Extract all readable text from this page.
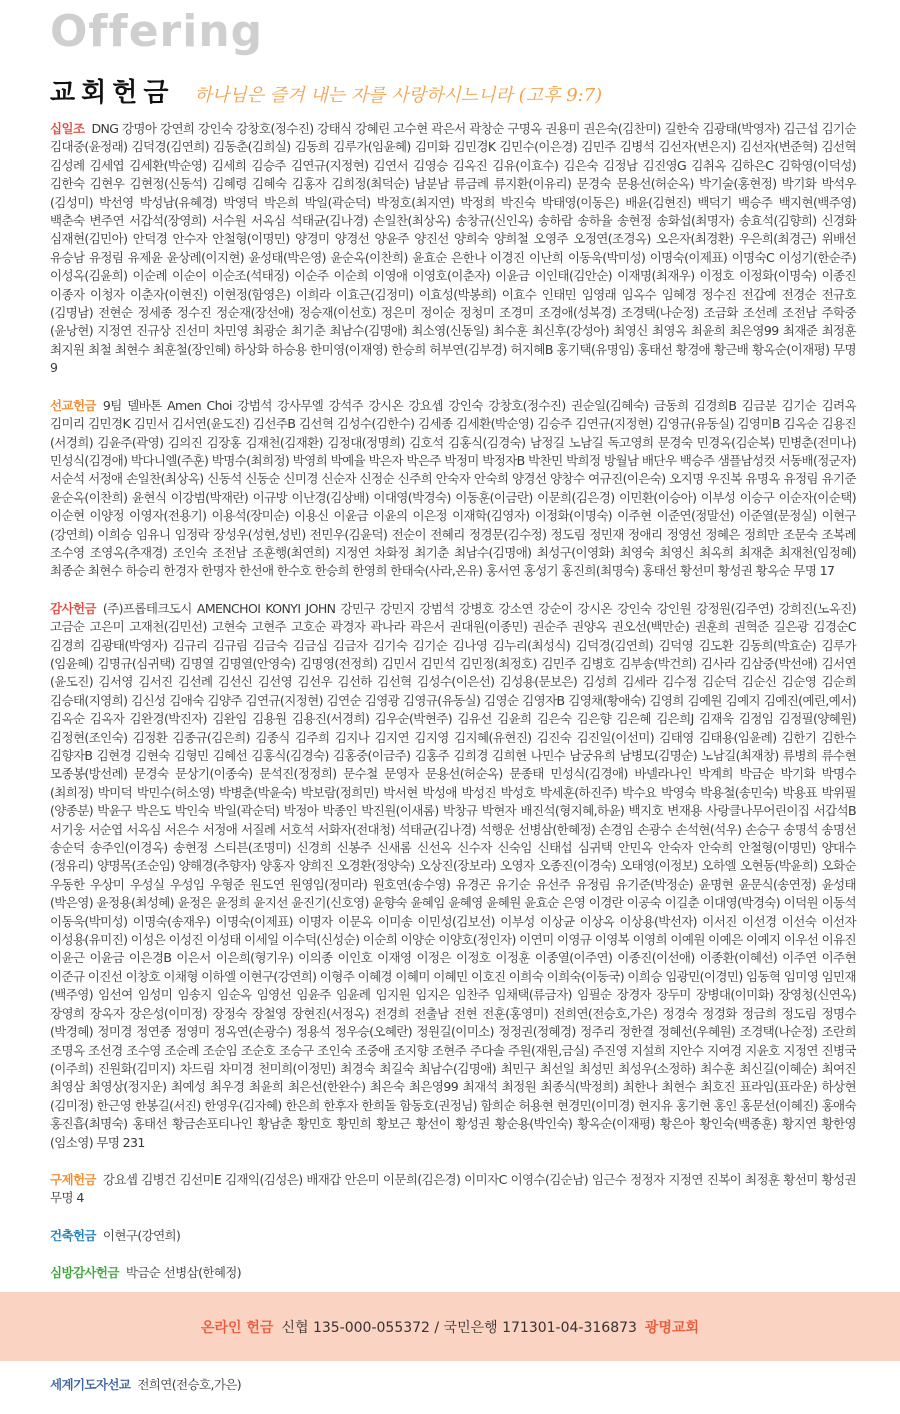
Offering
교회헌금 하나님은 즐겨 내는 자를 사랑하시느니라 (고후 9:7)

십일조 DNG 강명아 강연희 강인숙 강창호(정수진) 강태식 강혜린 고수현 곽은서 곽창순 구명옥 권용미 권은숙(김찬미) 길한숙 김광태(박영자) 김근섭 김기순 김대중(윤정래) 김덕경(김연희) 김동춘(김희실) 김동희 김루가(임윤혜) 김미화 김민경K 김민수(이은경) 김민주 김병석 김선자(변은지) 김선자(변준혁) 김선혁 김성례 김세엽 김세환(박순영) 김세희 김승주 김연규(지정현) 김연서 김영승 김옥진 김유(이효수) 김은숙 김정남 김진영G 김취옥 김하은C 김학영(이덕성) 김한숙 김현우 김현정(신동석) 김혜령 김혜숙 김홍자 김희정(최덕순) 남분남 류금례 류지환(이유리) 문경숙 문용선(허순옥) 박기술(홍현정) 박기화 박석우(김성미) 박선영 박성남(유혜경) 박영덕 박은희 박일(곽순덕) 박정호(최지연) 박정희 박진숙 박태영(이동은) 배윤(김현진) 백덕기 백승주 백지현(백주영) 백춘숙 변주연 서갑석(장영희) 서수원 서옥심 석태균(김나경) 손일찬(최상옥) 송창규(신인옥) 송하람 송하율 송현정 송화섭(최명자) 송효석(김향희) 신경화 심재현(김민아) 안덕경 안수자 안철형(이명민) 양경미 양경선 양윤주 양진선 양희숙 양희철 오영주 오정연(조경옥) 오은자(최경환) 우은희(최경근) 위배선 유승남 유정림 유제윤 윤상례(이지현) 윤성태(박은영) 윤순옥(이찬희) 윤효순 은한나 이경진 이난희 이동욱(박미성) 이명숙(이제표) 이명숙C 이성기(한순주) 이성옥(김윤희) 이순례 이순이 이순조(석태징) 이순주 이순희 이영애 이영호(이춘자) 이윤금 이인태(김안순) 이재명(최재우) 이정호 이정화(이명숙) 이종진 이종자 이청자 이춘자(이현진) 이현정(함영은) 이희라 이효근(김정미) 이효성(박봉희) 이효수 인태민 임영래 임옥수 임혜경 정수진 전갑예 전경순 전규호(김명남) 전현순 정세종 정수진 정순재(장선애) 정승재(이선호) 정은미 정이순 정청미 조경미 조경애(성복경) 조경택(나순정) 조금화 조선례 조전남 주학중(윤낭현) 지정연 진규상 진선미 차민영 최광순 최기춘 최남수(김명애) 최소영(신동일) 최수훈 최신후(강성아) 최영신 최영옥 최윤희 최은영99 최재준 최정훈 최지원 최철 최현수 최훈철(장인혜) 하상화 하승용 한미영(이재영) 한승희 허부연(김부경) 허지혜B 홍기택(유명임) 홍태선 황경애 황근배 황옥순(이재평) 무명 9

선교헌금 9팀 델바톤 Amen Choi 강범석 강사무엘 강석주 강시온 강요셉 강인숙 강창호(정수진) 권순일(김혜숙) 금동희 김경희B 김금분 김기순 김려옥 김미리 김민경K 김민서 김서연(윤도진) 김선주B 김선혁 김성수(김한수) 김세종 김세환(박순영) 김승주 김연규(지정현) 김영규(유동실) 김영미B 김옥순 김용진(서경희) 김윤주(곽영) 김의진 김장홍 김재천(김재환) 김정대(정명희) 김호석 김홍식(김경숙) 남정길 노남길 독고영희 문경숙 민경옥(김순복) 민병춘(전미나) 민성식(김경애) 박다니엘(주훈) 박명수(최희정) 박영희 박예율 박은자 박은주 박정미 박정자B 박찬민 박희정 방월남 배단우 백승주 샘플남성컷 서동배(정군자) 서순석 서정애 손일찬(최상옥) 신동석 신동순 신미경 신순자 신정순 신주희 안숙자 안숙희 양경선 양창수 여규진(이은숙) 오지명 우진복 유명옥 유정림 유기준 윤순옥(이찬희) 윤현식 이강범(박재란) 이규방 이난경(김상배) 이대영(박경숙) 이동훈(이금란) 이문희(김은경) 이민환(이승아) 이부성 이승구 이순자(이순택) 이순현 이양정 이영자(전용기) 이용석(장미순) 이용신 이윤금 이윤의 이은정 이재학(김영자) 이정화(이명숙) 이주현 이준연(정말선) 이준열(문정실) 이현구(강연희) 이희승 임유니 임정락 장성우(성현,성빈) 전민우(김윤덕) 전순이 전혜리 정경문(김수정) 정도림 정민재 정애리 정영선 정혜은 정희만 조문숙 조복례 조수영 조영옥(추재경) 조인숙 조전남 조훈행(최연희) 지정연 차화정 최기춘 최남수(김명애) 최성구(이영화) 최영숙 최영신 최옥희 최재춘 최재천(임정혜) 최종순 최현수 하승리 한경자 한명자 한선애 한수호 한승희 한영희 한태숙(사라,온유) 홍서연 홍성기 홍진희(최명숙) 홍태선 황선미 황성권 황옥순 무명 17

감사헌금 (주)프롭테크도시 AMENCHOI KONYI JOHN 강민구 강민지 강범석 강병호 강소연 강순이 강시온 강인숙 강인원 강정원(김주연) 강희진(노옥진) 고금순 고은미 고재천(김민선) 고현숙 고현주 고호순 곽경자 곽나라 곽은서 권대원(이종민) 권순주 권양옥 권오선(백만순) 권훈희 권혁준 길은광 김경순C 김경희 김광태(박영자) 김규리 김규림 김금숙 김금심 김금자 김기숙 김기순 김나영 김누리(최성식) 김덕경(김연희) 김덕영 김도환 김동희(박효순) 김루가(임윤혜) 김명규(심귀택) 김명열 김명열(안영숙) 김명영(전정희) 김민서 김민석 김민정(최정호) 김민주 김병호 김부송(박건희) 김사라 김삼중(박선애) 김서연(윤도진) 김서영 김서진 김선례 김선신 김선영 김선우 김선하 김선혁 김성수(이은선) 김성용(문보은) 김성희 김세라 김수정 김순덕 김순신 김순영 김순희 김승태(지영희) 김신성 김애숙 김양주 김연규(지정현) 김연순 김영광 김영규(유동실) 김영순 김영자B 김영채(황애숙) 김영희 김예원 김예지 김예진(예린,예서) 김옥순 김옥자 김완경(박진자) 김완임 김용원 김용진(서경희) 김우순(박현주) 김유선 김윤희 김은숙 김은향 김은혜 김은희J 김재욱 김정임 김정필(양혜원) 김정현(조인숙) 김정환 김종규(김은희) 김종식 김주희 김지나 김지연 김지영 김지혜(유현진) 김진숙 김진일(이선미) 김태영 김태용(임윤례) 김한기 김한수 김향자B 김현경 김현숙 김형민 김혜선 김홍식(김경숙) 김홍중(이금주) 김홍주 김희경 김희현 나민수 남궁유희 남병모(김명순) 노남길(최재창) 류병희 류수현 모종봉(방선례) 문경숙 문상기(이종숙) 문석진(정정희) 문수철 문영자 문용선(허순옥) 문종태 민성식(김경애) 바넬라나인 박계희 박금순 박기화 박명수(최희정) 박미덕 박민수(허소영) 박병춘(박윤숙) 박보람(정희민) 박서현 박성애 박성진 박성호 박세훈(하진주) 박수요 박영숙 박용철(송민숙) 박용표 박위필(양종분) 박윤구 박은도 박인숙 박일(곽순덕) 박정아 박종인 박진원(이새롬) 박창규 박현자 배진석(형지혜,하윤) 백지호 변재용 사랑클나무어린이집 서갑석B 서기웅 서순엽 서옥심 서은수 서정애 서질례 서호석 서화자(전대청) 석태균(김나경) 석행운 선병삼(한혜정) 손경임 손광수 손석현(석우) 손승구 송명석 송명선 송순덕 송주인(이경옥) 송현정 스티븐(조명미) 신경희 신봉주 신새롬 신선옥 신수자 신숙임 신태섭 심귀택 안민옥 안숙자 안숙희 안철형(이명민) 양대수(정유리) 양명목(조순임) 양해경(추향자) 양홍자 양희진 오경환(정양숙) 오상진(장보라) 오영자 오종진(이경숙) 오태영(이정보) 오하엘 오현동(박윤희) 오화순 우동한 우상미 우성실 우성임 우형준 원도연 원영임(정미라) 원호연(송수영) 유경곤 유기순 유선주 유정림 유기준(박정순) 윤명현 윤문식(송연정) 윤성태(박은영) 윤정용(최성혜) 윤정은 윤정희 윤지선 윤진기(신호영) 윤향숙 윤혜임 윤혜영 윤혜원 윤효순 은영 이경란 이공숙 이길춘 이대영(박경숙) 이덕원 이동석 이동욱(박미성) 이명숙(송재우) 이명숙(이제표) 이명자 이문옥 이미송 이민성(김보선) 이부성 이상균 이상옥 이상용(박선자) 이서진 이선경 이선숙 이선자 이성용(유미진) 이성은 이성진 이성태 이세일 이수덕(신성순) 이순희 이양순 이양호(정인자) 이연미 이영규 이영복 이영희 이예원 이예은 이예지 이우선 이유진 이윤근 이윤금 이은경B 이은서 이은희(형기우) 이의종 이인호 이재영 이정은 이정호 이정훈 이종열(이주연) 이종진(이선애) 이종환(이혜선) 이주연 이주현 이준규 이진선 이창호 이채형 이하엘 이현구(강연희) 이형주 이혜경 이혜미 이혜민 이호진 이희숙 이희숙(이동국) 이희승 임광민(이경민) 임동혁 임미영 임민재(백주영) 임선여 임성미 임송지 임순옥 임영선 임윤주 임윤례 임지원 임지은 임찬주 임채택(류금자) 임필순 장경자 장두미 장병대(이미화) 장영청(신연옥) 장영희 장옥자 장은성(이미정) 장정숙 장철영 장현진(서정옥) 전경희 전출남 전현 전훈(홍영미) 전희연(전승호,가은) 정경숙 정경화 정금희 정도림 정명수(박경혜) 정미경 정연종 정영미 정옥연(손광수) 정용석 정우승(오혜란) 정원길(이미소) 정정권(정혜경) 정주리 정한결 정혜선(우혜원) 조경택(나순정) 조란희 조명옥 조선경 조수영 조순례 조순임 조순호 조승구 조인숙 조중애 조지향 조현주 주다솔 주원(재원,금실) 주진영 지설희 지안수 지여경 지윤호 지정연 진병국(이주희) 진원화(김미지) 차드림 차미경 천미희(이정민) 최경숙 최길숙 최남수(김명애) 최민구 최선일 최성민 최성우(소정하) 최수훈 최신길(이혜순) 최여진 최영삼 최영상(정지운) 최예성 최우경 최윤희 최은선(한완수) 최은숙 최은영99 최재석 최정원 최종식(박정희) 최한나 최현수 최호진 표라임(표라운) 하상현(김미정) 한근영 한봉길(서진) 한영우(김자혜) 한은희 한후자 한희돌 함동호(권정님) 함희순 허용현 현경민(이미경) 현지유 홍기현 홍인 홍문선(이혜진) 홍애숙 홍진흡(최명숙) 홍태선 황금손포티나인 황남춘 황민호 황민희 황보근 황선이 황성권 황순용(박인숙) 황옥순(이재평) 황은아 황인숙(백종훈) 황지연 황한영(임소영) 무명 231

구제헌금 강요셉 김병건 김선미E 김재익(김성은) 배재갑 안은미 이문희(김은경) 이미자C 이영수(김순남) 임근수 정정자 지정연 진복이 최정훈 황선미 황성권 무명 4

건축헌금 이현구(강연희)

심방감사헌금 박금순 선병삼(한혜정)

세계기도자선교 전희연(전승호,가은)

온라인 헌금 신협 135-000-055372 / 국민은행 171301-04-316873 광명교회
